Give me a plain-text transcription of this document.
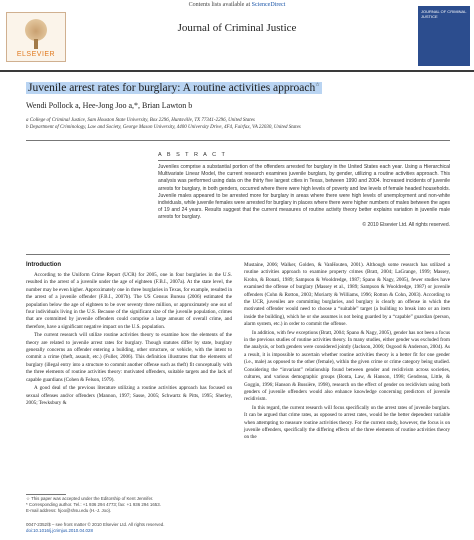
Contents lists available at ScienceDirect
ELSEVIER
Journal of Criminal Justice
JOURNAL OF CRIMINAL JUSTICE
Juvenile arrest rates for burglary: A routine activities approach☆
Wendi Pollock a, Hee-Jong Joo a,*, Brian Lawton b
a College of Criminal Justice, Sam Houston State University, Box 2296, Huntsville, TX 77341-2296, United States
b Department of Criminology, Law and Society, George Mason University, 4400 University Drive, 4F4, Fairfax, VA 22030, United States
A B S T R A C T
Juveniles comprise a substantial portion of the offenders arrested for burglary in the United States each year. Using a Hierarchical Multivariate Linear Model, the current research examines juvenile burglars, by gender, utilizing a routine activities approach. This analysis was performed using data on the thirty five largest cities in Texas, between 1990 and 2004. Increased incidents of juvenile arrests for burglary, in both genders, occurred where there were high levels of poverty and low levels of female headed households. Juvenile males appeared to be arrested more for burglary in areas where there were high levels of unemployment and non-white individuals, while juvenile females were arrested for burglary in places where there were higher numbers of males between the ages of 19 and 24 years. Results suggest that the current measures of routine activity theory better explains variation in juvenile male arrests for burglary.
© 2010 Elsevier Ltd. All rights reserved.
Introduction

According to the Uniform Crime Report (UCR) for 2005, one in four burglaries in the U.S. resulted in the arrest of a juvenile under the age of eighteen (F.B.I., 2007a). At the state level, the number may be even higher. Approximately one in three burglaries in Texas, for example, resulted in the arrest of a juvenile offender (F.B.I., 2007b). The US Census Bureau (2006) estimated the population below the age of eighteen to be over seventy three million, or approximately one out of four individuals living in the U.S. Because of the significant size of the juvenile population, crimes that are committed by juvenile offenders could comprise a large amount of overall crime, and therefore, have a significant negative impact on the U.S. population.

The current research will utilize routine activities theory to examine how the elements of the theory are related to juvenile arrest rates for burglary. Though statutes differ by state, burglary generally concerns an offender entering a building, other structure, or vehicle, with the intent to commit a crime (theft, assault, etc.) (Fuller, 2006). This definition illustrates that the elements of burglary (illegal entry into a structure to commit another offense such as theft) fit conceptually with the three elements of routine activities theory: motivated offenders, suitable targets and the lack of capable guardians (Cohen & Felson, 1979).

A good deal of the previous literature utilizing a routine activities approach has focused on sexual offenses and/or offenders (Mannon, 1997; Sasse, 2005; Schwartz & Pitts, 1995; Sherley, 2005; Tewksbury &

Mustaine, 2006; Walker, Golden, & VanHouten, 2001). Although some research has utilized a routine activities approach to examine property crimes (Bratt, 2004; LaGrange, 1999; Massey, Krohn, & Bonati, 1989; Sampson & Wooldredge, 1987; Spano & Nagy, 2005), fewer studies have examined the offense of burglary (Massey et al., 1989; Sampson & Wooldredge, 1987) or juvenile offenders (Cohn & Rotton, 2003; Moriarty & Williams, 1996; Rotton & Cohn, 2003). According to the UCR, juveniles are committing burglaries, and burglary is clearly an offense in which the motivated offender would need to choose a “suitable” target (a building to break into or an item inside the building), which he or she assumes is not being guarded by a “capable” guardian (person, alarm system, etc.) in order to commit the offense.

In addition, with few exceptions (Bratt, 2004; Spano & Nagy, 2005), gender has not been a focus in the previous studies of routine activities theory. In many studies, either gender was excluded from the analysis, or both genders were considered jointly (Jackson, 2006; Osgood & Anderson, 2004). As a result, it is impossible to ascertain whether routine activities theory is a better fit for one gender (i.e., male) as opposed to the other (female), within the given crime or crime category being studied. Considering the “invariant” relationship found between gender and recidivism across societies, cultures, and various demographic groups (Bonta, Law, & Hanson, 1998; Gendreau, Little, & Goggin, 1996; Hanson & Bussière, 1998), research on the effect of gender on recidivism using both genders of juvenile offenders would also enhance knowledge concerning predictors of juvenile recidivism.

In this regard, the current research will focus specifically on the arrest rates of juvenile burglars. It can be argued that crime rates, as opposed to arrest rates, would be the better dependent variable when attempting to measure routine activities theory. For the current study, however, the focus is on juvenile offenders, specifically the differing effects of the three elements of routine activities theory on the

☆ This paper was accepted under the Editorship of Kent Jennifer.
* Corresponding author. Tel.: +1 936 294 4773; fax: +1 936 294 1653.
E-mail address: hjoo@shsu.edu (H.-J. Joo).
0047-2352/$ – see front matter © 2010 Elsevier Ltd. All rights reserved.
doi:10.1016/j.jcrimjus.2010.04.028
